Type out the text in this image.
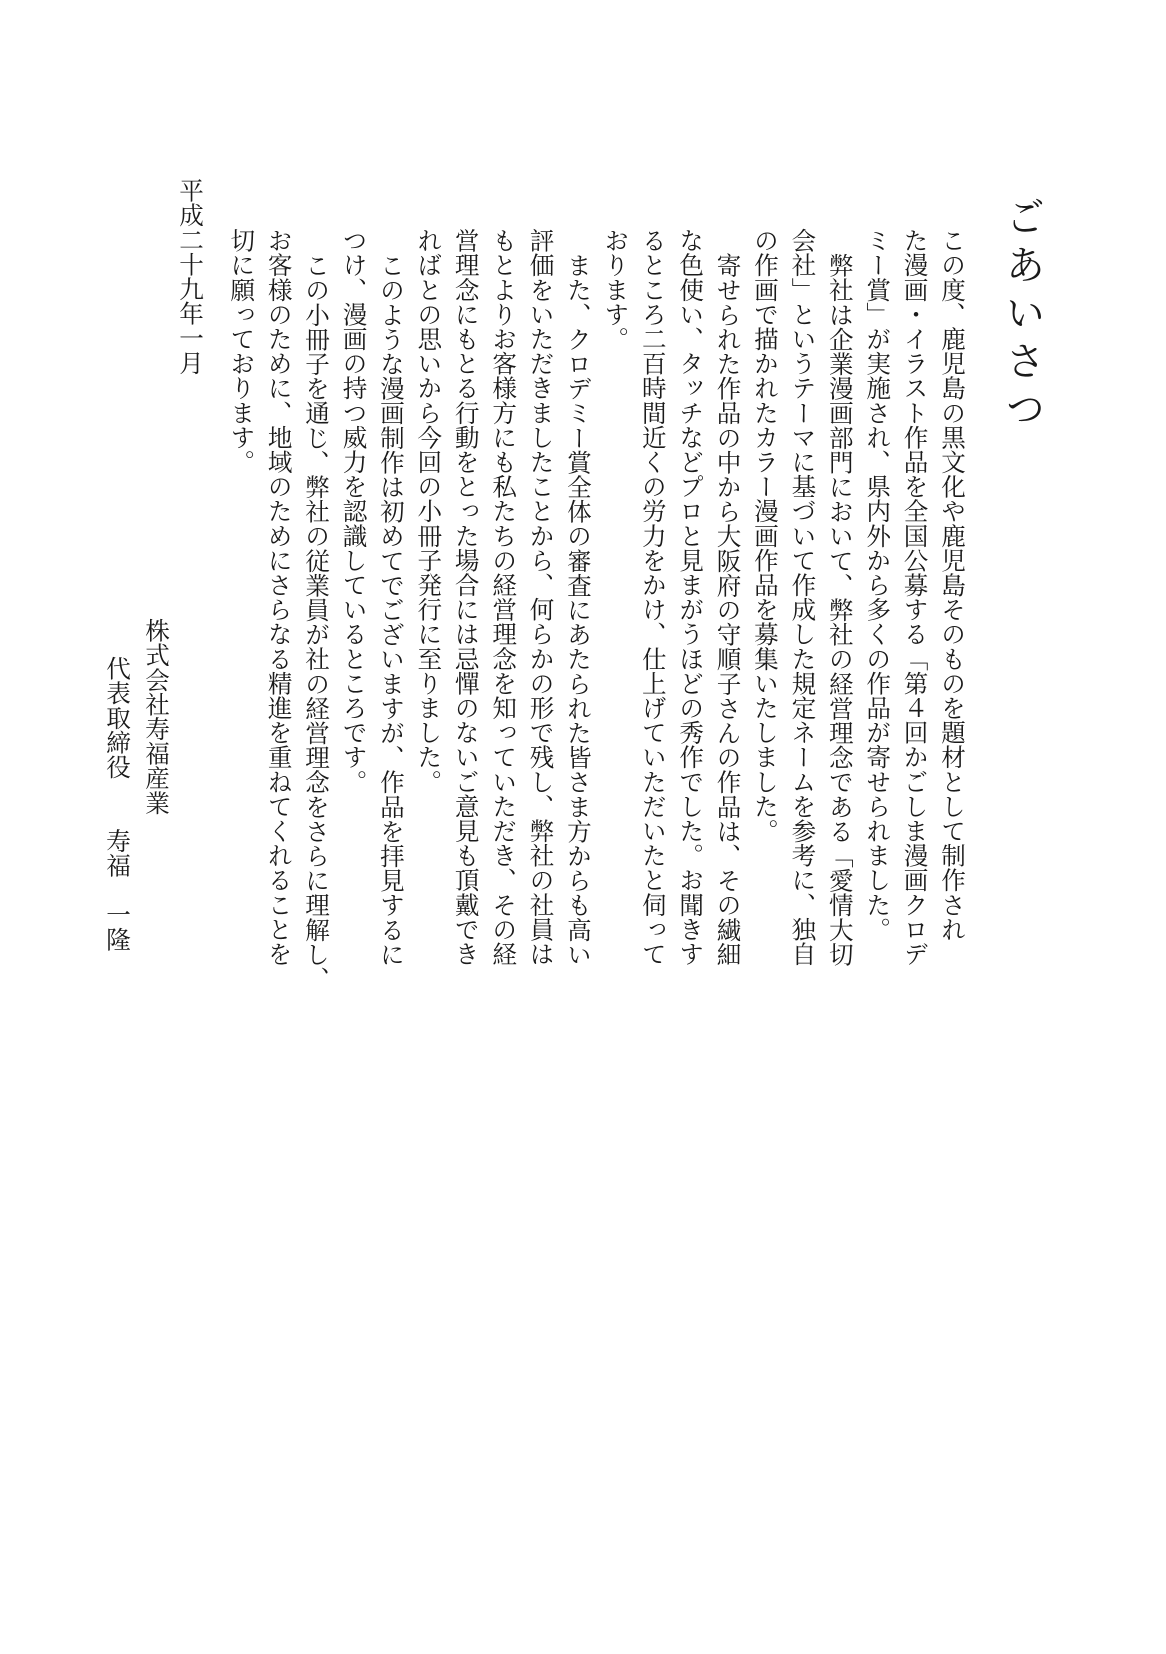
ごあいさつ
この度、鹿児島の黒文化や鹿児島そのものを題材として制作され
た漫画・イラスト作品を全国公募する「第４回かごしま漫画クロデ
ミー賞」が実施され、県内外から多くの作品が寄せられました。
弊社は企業漫画部門において、弊社の経営理念である「愛情大切
会社」というテーマに基づいて作成した規定ネームを参考に、独自
の作画で描かれたカラー漫画作品を募集いたしました。
寄せられた作品の中から大阪府の守順子さんの作品は、その繊細
な色使い、タッチなどプロと見まがうほどの秀作でした。お聞きす
るところ二百時間近くの労力をかけ、仕上げていただいたと伺って
おります。
また、クロデミー賞全体の審査にあたられた皆さま方からも高い
評価をいただきましたことから、何らかの形で残し、弊社の社員は
もとよりお客様方にも私たちの経営理念を知っていただき、その経
営理念にもとる行動をとった場合には忌憚のないご意見も頂戴でき
ればとの思いから今回の小冊子発行に至りました。
このような漫画制作は初めてでございますが、作品を拝見するに
つけ、漫画の持つ威力を認識しているところです。
この小冊子を通じ、弊社の従業員が社の経営理念をさらに理解し、
お客様のために、地域のためにさらなる精進を重ねてくれることを
切に願っております。
平成二十九年一月
株式会社寿福産業
代表取締役　　寿福　一隆
